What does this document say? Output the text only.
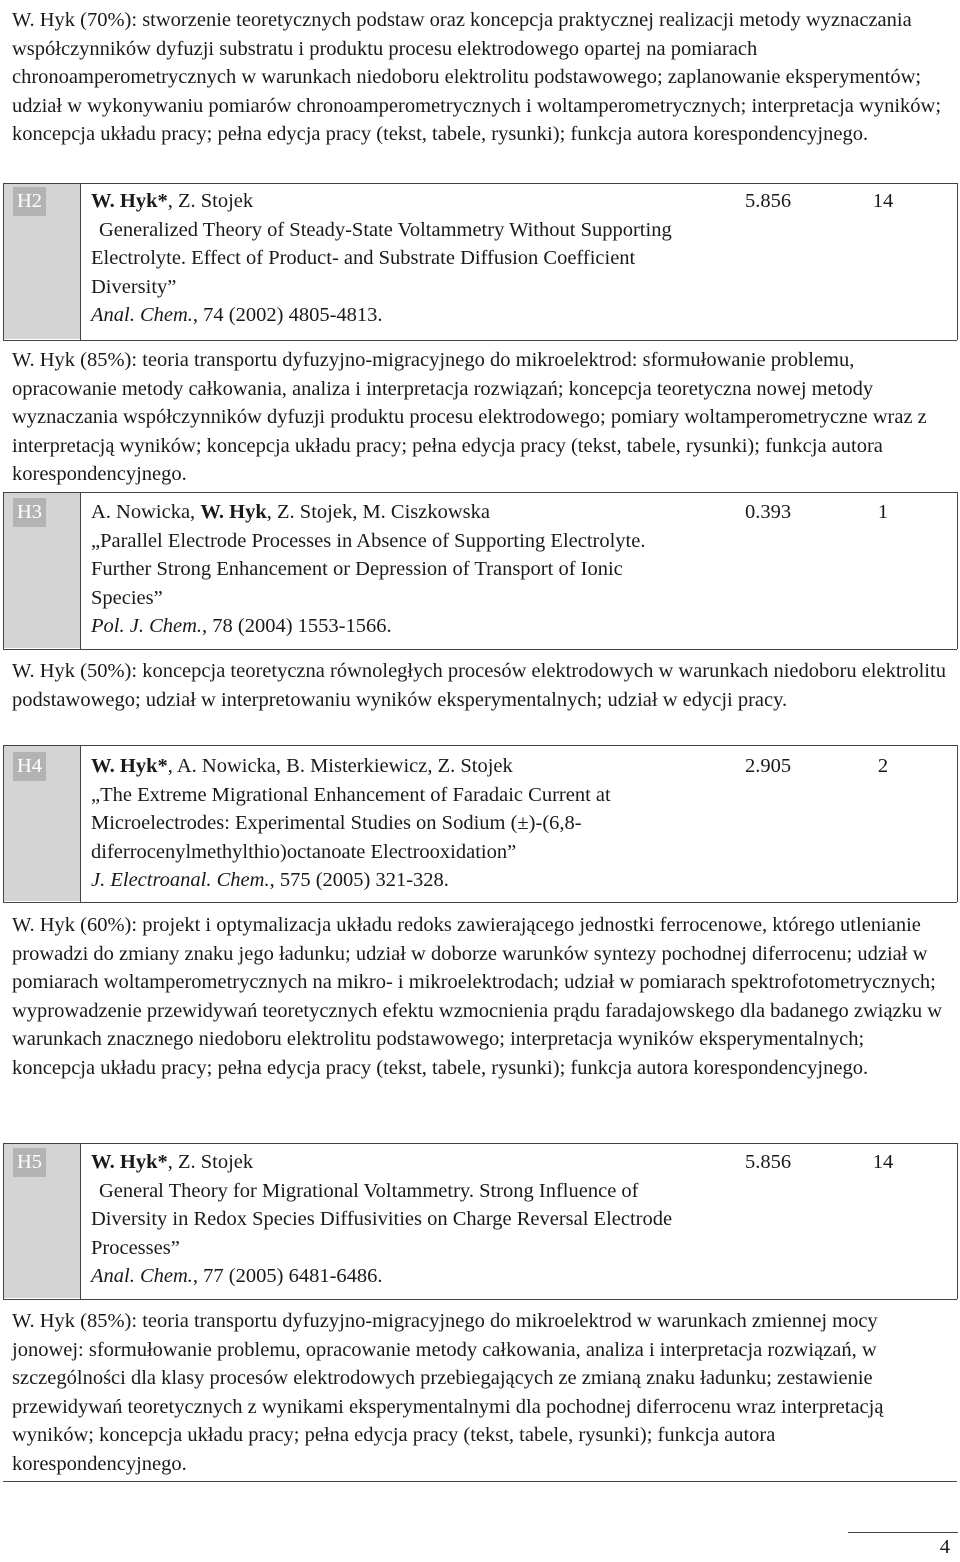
W. Hyk (70%): stworzenie teoretycznych podstaw oraz koncepcja praktycznej realizacji metody wyznaczania współczynników dyfuzji substratu i produktu procesu elektrodowego opartej na pomiarach chronoamperometrycznych w warunkach niedoboru elektrolitu podstawowego; zaplanowanie eksperymentów; udział w wykonywaniu pomiarów chronoamperometrycznych i woltamperometrycznych; interpretacja wyników; koncepcja układu pracy; pełna edycja pracy (tekst, tabele, rysunki); funkcja autora korespondencyjnego.

H2 W. Hyk*, Z. Stojek
Generalized Theory of Steady-State Voltammetry Without Supporting Electrolyte. Effect of Product- and Substrate Diffusion Coefficient Diversity”
Anal. Chem., 74 (2002) 4805-4813.
5.856	14

W. Hyk (85%): teoria transportu dyfuzyjno-migracyjnego do mikroelektrod: sformułowanie problemu, opracowanie metody całkowania, analiza i interpretacja rozwiązań; koncepcja teoretyczna nowej metody wyznaczania współczynników dyfuzji produktu procesu elektrodowego; pomiary woltamperometryczne wraz z interpretacją wyników; koncepcja układu pracy; pełna edycja pracy (tekst, tabele, rysunki); funkcja autora korespondencyjnego.

H3 A. Nowicka, W. Hyk, Z. Stojek, M. Ciszkowska
„Parallel Electrode Processes in Absence of Supporting Electrolyte. Further Strong Enhancement or Depression of Transport of Ionic Species”
Pol. J. Chem., 78 (2004) 1553-1566.
0.393	1

W. Hyk (50%): koncepcja teoretyczna równoległych procesów elektrodowych w warunkach niedoboru elektrolitu podstawowego; udział w interpretowaniu wyników eksperymentalnych; udział w edycji pracy.

H4 W. Hyk*, A. Nowicka, B. Misterkiewicz, Z. Stojek
„The Extreme Migrational Enhancement of Faradaic Current at Microelectrodes: Experimental Studies on Sodium (±)-(6,8-diferrocenylmethylthio)octanoate Electrooxidation”
J. Electroanal. Chem., 575 (2005) 321-328.
2.905	2

W. Hyk (60%): projekt i optymalizacja układu redoks zawierającego jednostki ferrocenowe, którego utlenianie prowadzi do zmiany znaku jego ładunku; udział w doborze warunków syntezy pochodnej diferrocenu; udział w pomiarach woltamperometrycznych na mikro- i mikroelektrodach; udział w pomiarach spektrofotometrycznych; wyprowadzenie przewidywań teoretycznych efektu wzmocnienia prądu faradajowskego dla badanego związku w warunkach znacznego niedoboru elektrolitu podstawowego; interpretacja wyników eksperymentalnych; koncepcja układu pracy; pełna edycja pracy (tekst, tabele, rysunki); funkcja autora korespondencyjnego.

H5 W. Hyk*, Z. Stojek
General Theory for Migrational Voltammetry. Strong Influence of Diversity in Redox Species Diffusivities on Charge Reversal Electrode Processes”
Anal. Chem., 77 (2005) 6481-6486.
5.856	14

W. Hyk (85%): teoria transportu dyfuzyjno-migracyjnego do mikroelektrod w warunkach zmiennej mocy jonowej: sformułowanie problemu, opracowanie metody całkowania, analiza i interpretacja rozwiązań, w szczególności dla klasy procesów elektrodowych przebiegających ze zmianą znaku ładunku; zestawienie przewidywań teoretycznych z wynikami eksperymentalnymi dla pochodnej diferrocenu wraz interpretacją wyników; koncepcja układu pracy; pełna edycja pracy (tekst, tabele, rysunki); funkcja autora korespondencyjnego.

4
